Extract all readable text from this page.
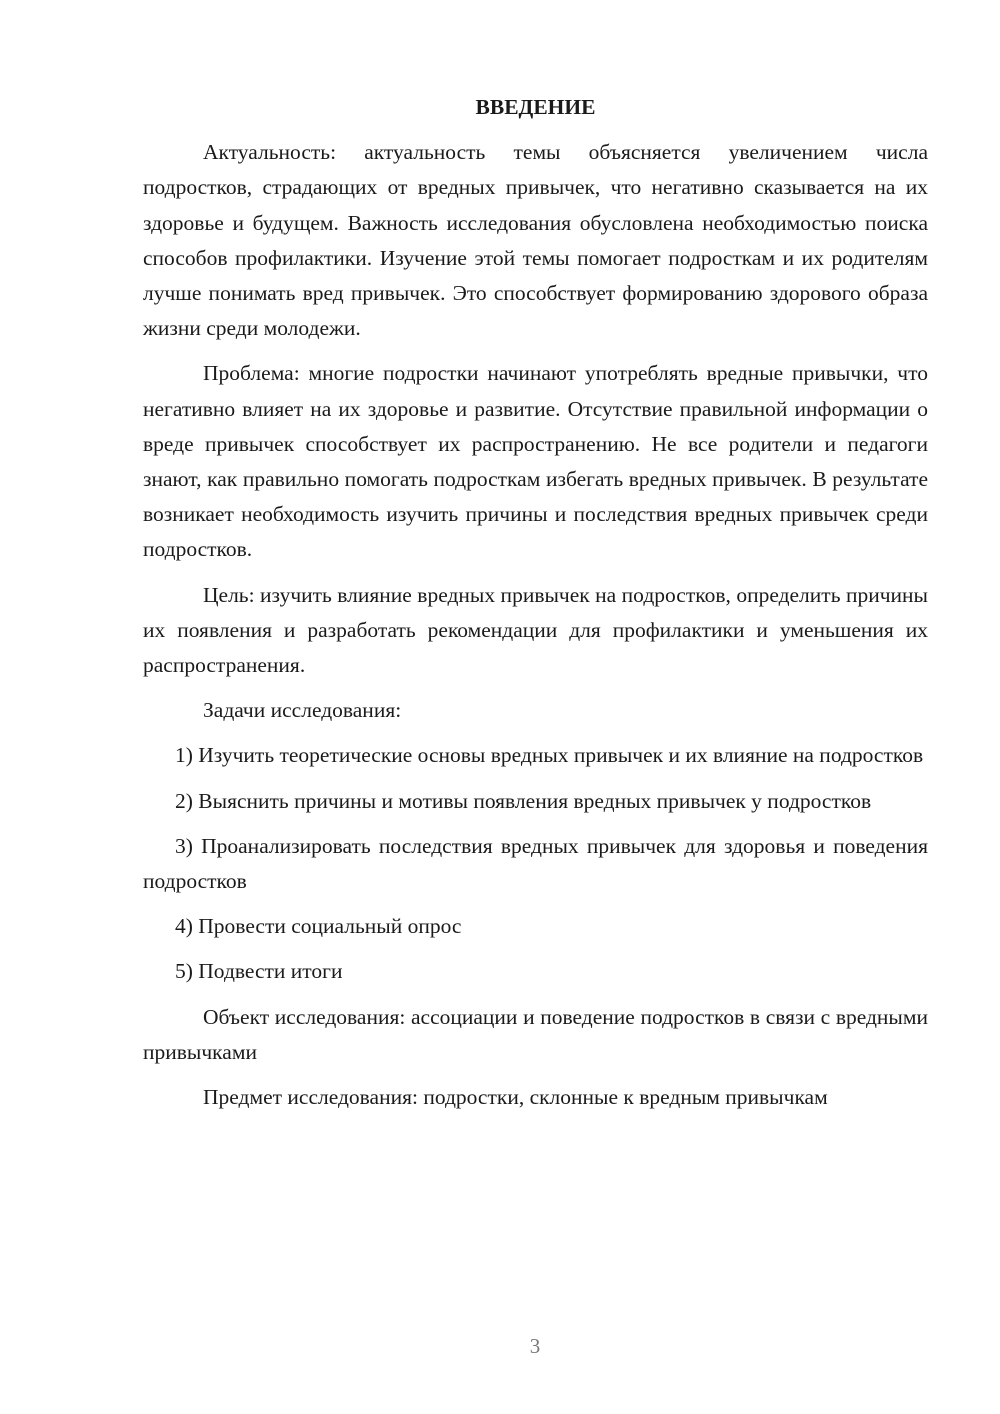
ВВЕДЕНИЕ

Актуальность: актуальность темы объясняется увеличением числа подростков, страдающих от вредных привычек, что негативно сказывается на их здоровье и будущем. Важность исследования обусловлена необходимостью поиска способов профилактики. Изучение этой темы помогает подросткам и их родителям лучше понимать вред привычек. Это способствует формированию здорового образа жизни среди молодежи.

Проблема: многие подростки начинают употреблять вредные привычки, что негативно влияет на их здоровье и развитие. Отсутствие правильной информации о вреде привычек способствует их распространению. Не все родители и педагоги знают, как правильно помогать подросткам избегать вредных привычек. В результате возникает необходимость изучить причины и последствия вредных привычек среди подростков.

Цель: изучить влияние вредных привычек на подростков, определить причины их появления и разработать рекомендации для профилактики и уменьшения их распространения.

Задачи исследования:

1) Изучить теоретические основы вредных привычек и их влияние на подростков

2) Выяснить причины и мотивы появления вредных привычек у подростков

3) Проанализировать последствия вредных привычек для здоровья и поведения подростков

4) Провести социальный опрос

5) Подвести итоги

Объект исследования: ассоциации и поведение подростков в связи с вредными привычками

Предмет исследования: подростки, склонные к вредным привычкам

3
